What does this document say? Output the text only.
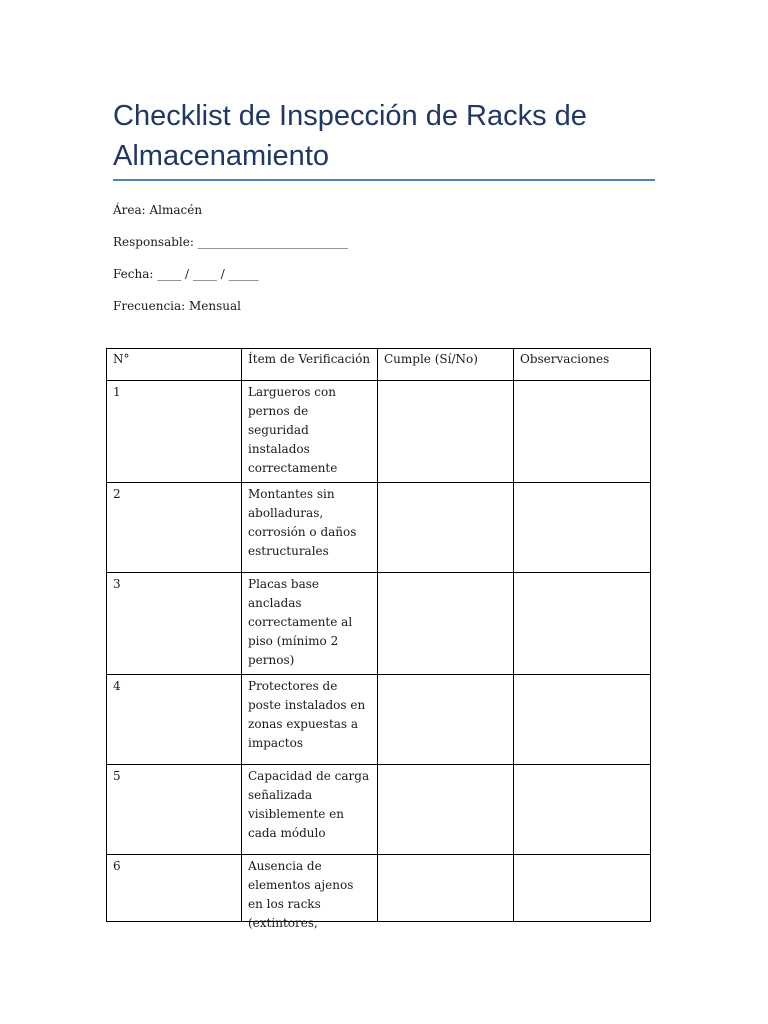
Checklist de Inspección de Racks de Almacenamiento
Área: Almacén
Responsable: _________________________
Fecha: ____ / ____ / _____
Frecuencia: Mensual
N°	Ítem de Verificación	Cumple (Sí/No)	Observaciones
1	Largueros con pernos de seguridad instalados correctamente		
2	Montantes sin abolladuras, corrosión o daños estructurales		
3	Placas base ancladas correctamente al piso (mínimo 2 pernos)		
4	Protectores de poste instalados en zonas expuestas a impactos		
5	Capacidad de carga señalizada visiblemente en cada módulo		
6	Ausencia de elementos ajenos en los racks (extintores,		
